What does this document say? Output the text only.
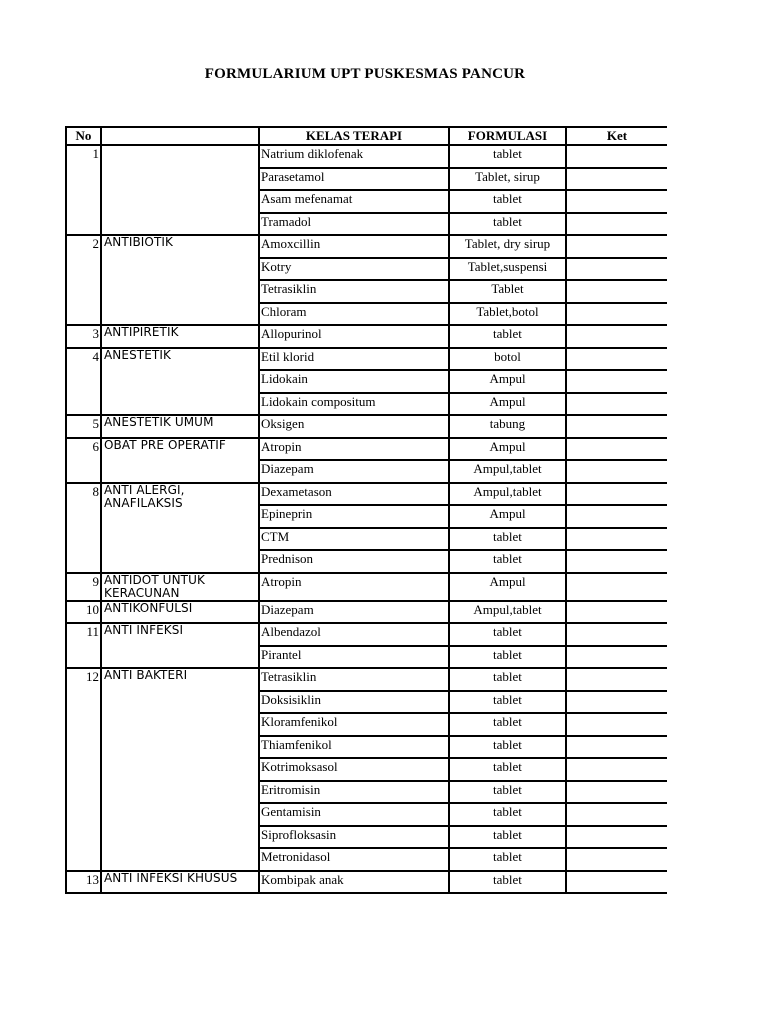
FORMULARIUM UPT PUSKESMAS PANCUR
No		KELAS TERAPI	FORMULASI	Ket
1		Natrium diklofenak	tablet	
		Parasetamol	Tablet, sirup	
		Asam mefenamat	tablet	
		Tramadol	tablet	
2	ANTIBIOTIK	Amoxcillin	Tablet, dry sirup	
		Kotry	Tablet,suspensi	
		Tetrasiklin	Tablet	
		Chloram	Tablet,botol	
3	ANTIPIRETIK	Allopurinol	tablet	
4	ANESTETIK	Etil klorid	botol	
		Lidokain	Ampul	
		Lidokain compositum	Ampul	
5	ANESTETIK UMUM	Oksigen	tabung	
6	OBAT PRE OPERATIF	Atropin	Ampul	
		Diazepam	Ampul,tablet	
8	ANTI ALERGI, ANAFILAKSIS	Dexametason	Ampul,tablet	
		Epineprin	Ampul	
		CTM	tablet	
		Prednison	tablet	
9	ANTIDOT UNTUK KERACUNAN	Atropin	Ampul	
10	ANTIKONFULSI	Diazepam	Ampul,tablet	
11	ANTI INFEKSI	Albendazol	tablet	
		Pirantel	tablet	
12	ANTI BAKTERI	Tetrasiklin	tablet	
		Doksisiklin	tablet	
		Kloramfenikol	tablet	
		Thiamfenikol	tablet	
		Kotrimoksasol	tablet	
		Eritromisin	tablet	
		Gentamisin	tablet	
		Siprofloksasin	tablet	
		Metronidasol	tablet	
13	ANTI INFEKSI KHUSUS	Kombipak anak	tablet	
